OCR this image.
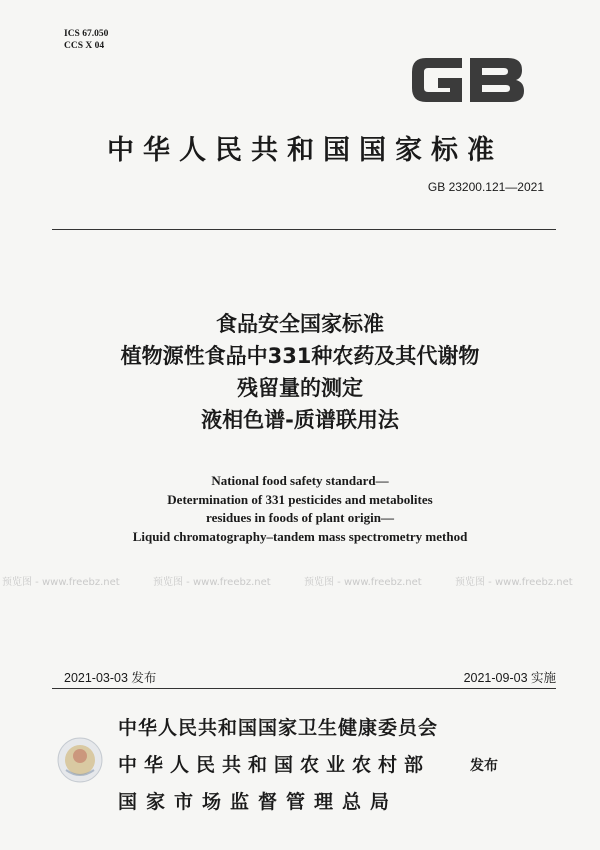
ICS 67.050
CCS X 04
中华人民共和国国家标准
GB 23200.121—2021
食品安全国家标准
植物源性食品中331种农药及其代谢物
残留量的测定
液相色谱-质谱联用法
National food safety standard—
Determination of 331 pesticides and metabolites
residues in foods of plant origin—
Liquid chromatography–tandem mass spectrometry method
预览图 - www.freebz.net	预览图 - www.freebz.net	预览图 - www.freebz.net	预览图 - www.freebz.net
2021-03-03 发布	2021-09-03 实施
中华人民共和国国家卫生健康委员会
中华人民共和国农业农村部
国家市场监督管理总局
发布
